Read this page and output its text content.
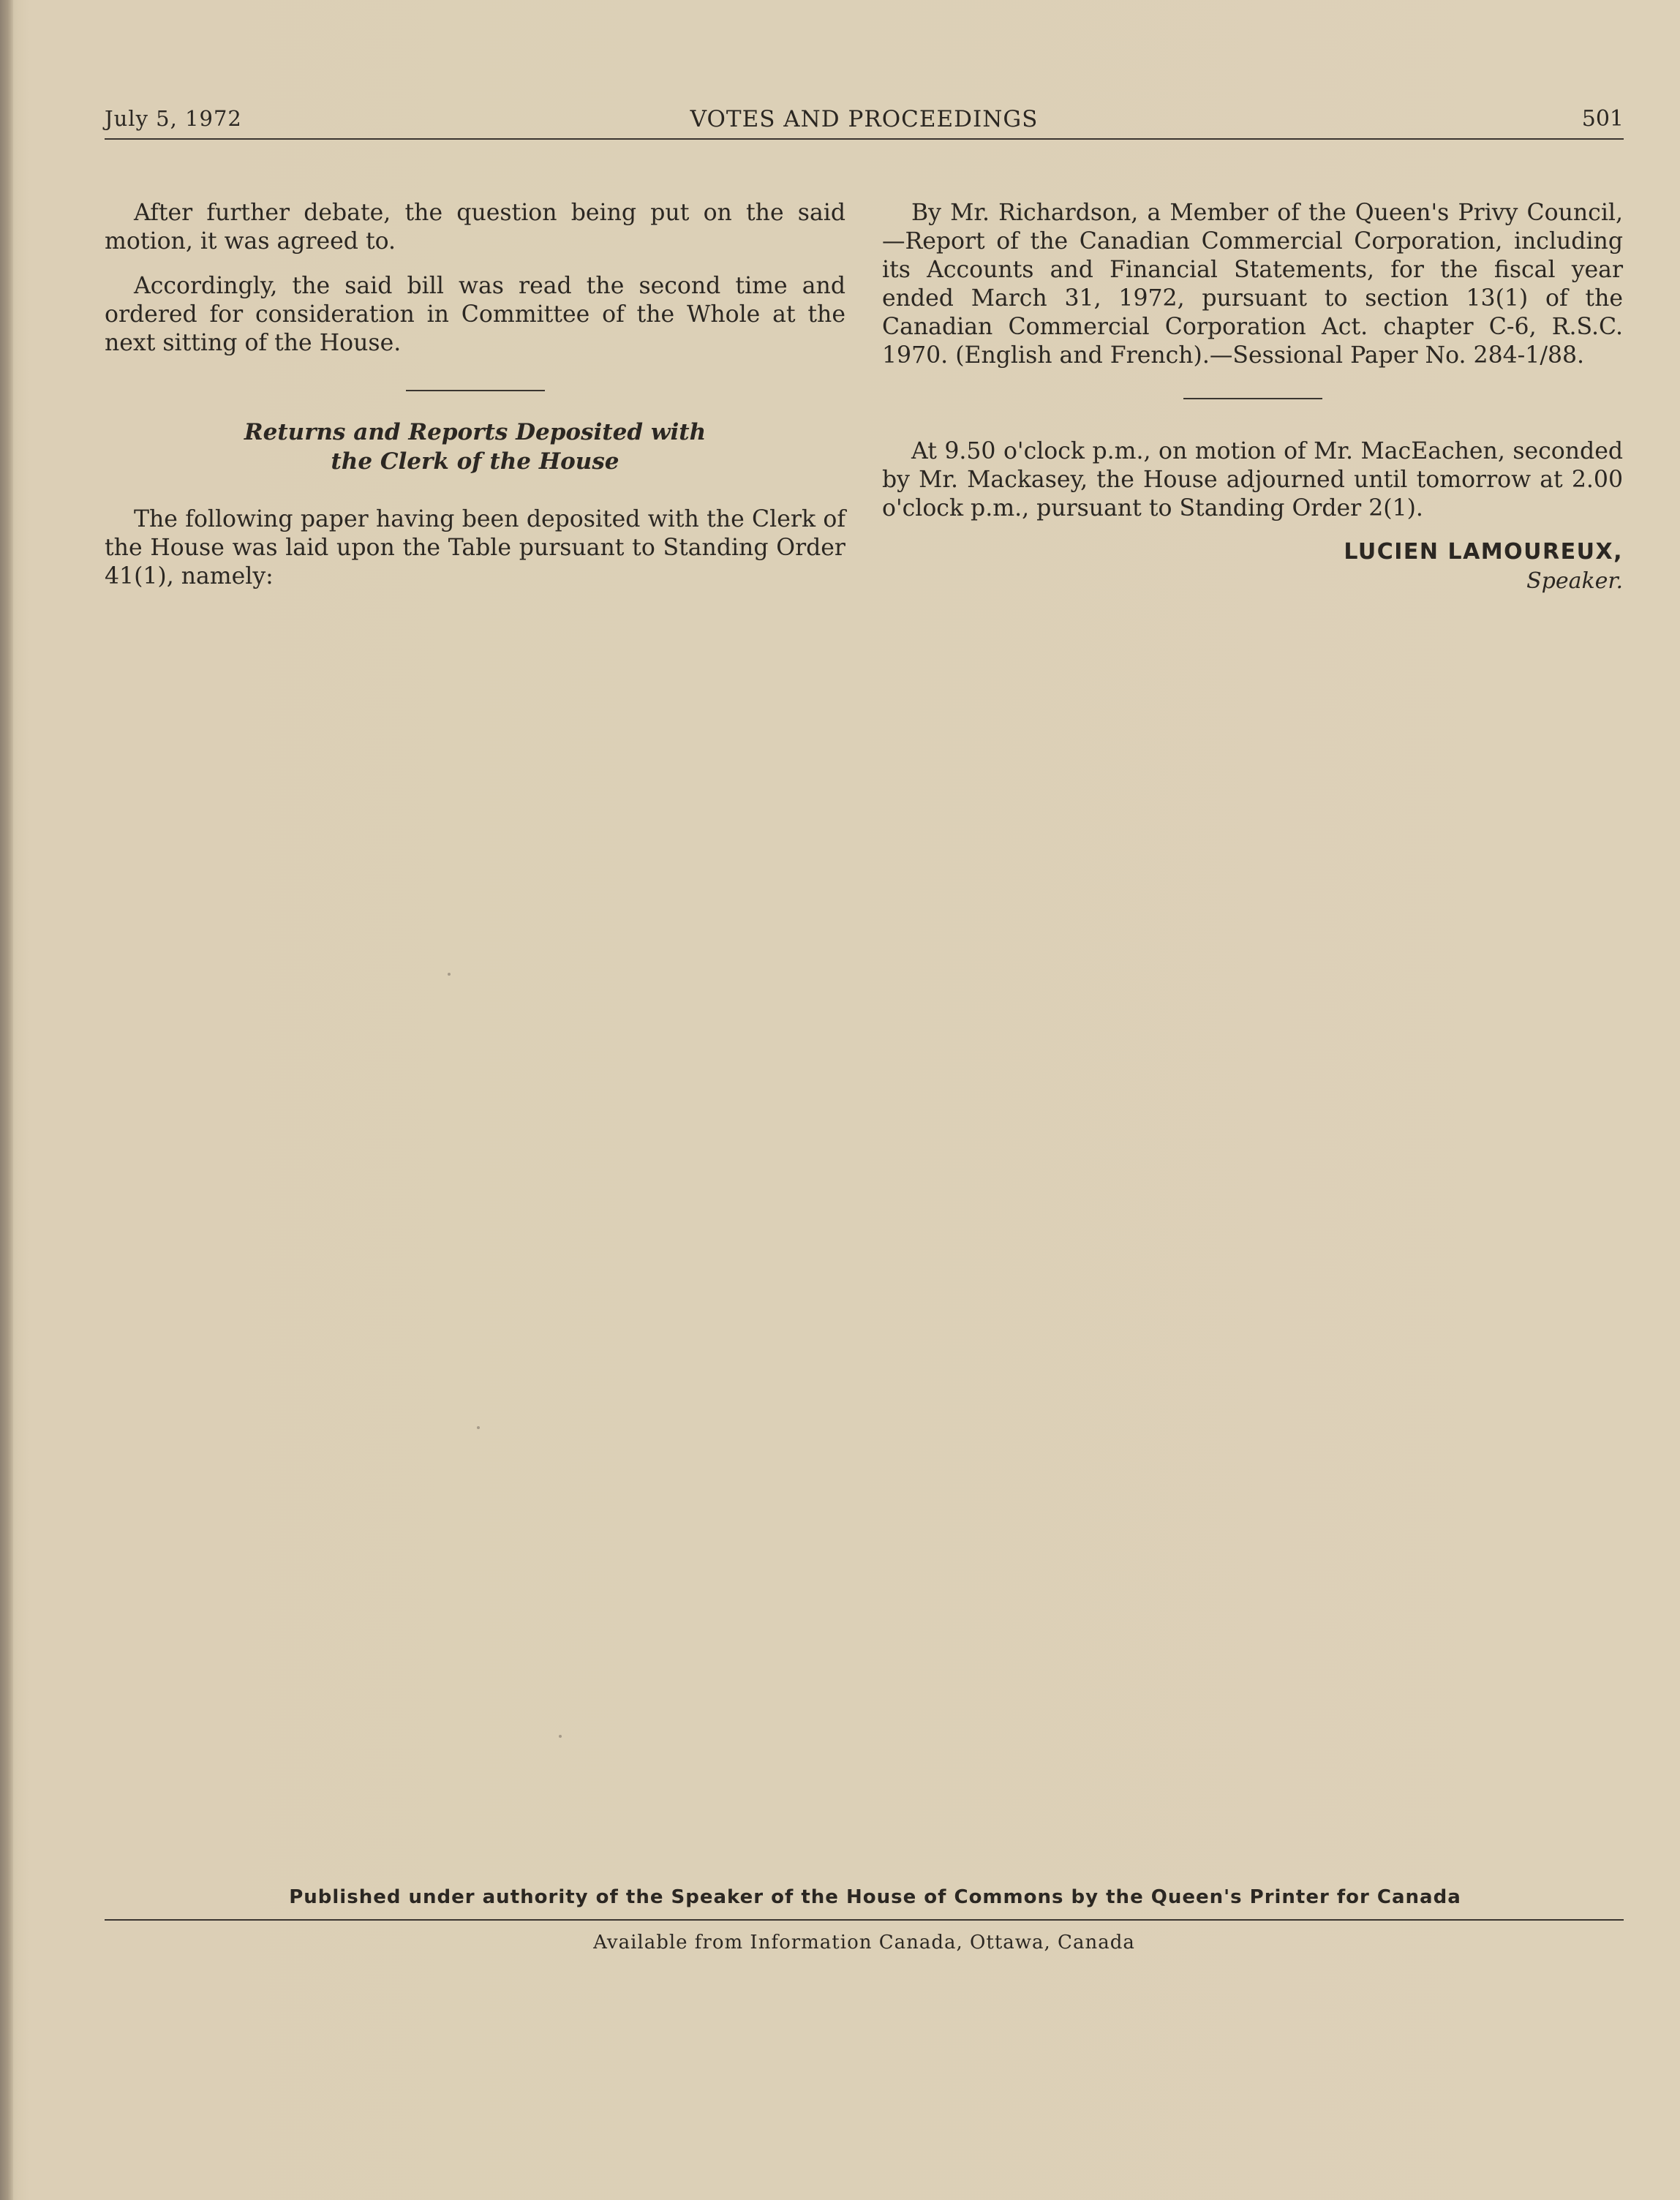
July 5, 1972	VOTES AND PROCEEDINGS	501

After further debate, the question being put on the said motion, it was agreed to.

Accordingly, the said bill was read the second time and ordered for consideration in Committee of the Whole at the next sitting of the House.

Returns and Reports Deposited with
the Clerk of the House

The following paper having been deposited with the Clerk of the House was laid upon the Table pursuant to Standing Order 41(1), namely:

By Mr. Richardson, a Member of the Queen's Privy Council,—Report of the Canadian Commercial Corporation, including its Accounts and Financial Statements, for the fiscal year ended March 31, 1972, pursuant to section 13(1) of the Canadian Commercial Corporation Act. chapter C-6, R.S.C. 1970. (English and French).—Sessional Paper No. 284-1/88.

At 9.50 o'clock p.m., on motion of Mr. MacEachen, seconded by Mr. Mackasey, the House adjourned until tomorrow at 2.00 o'clock p.m., pursuant to Standing Order 2(1).

LUCIEN LAMOUREUX,
Speaker.

Published under authority of the Speaker of the House of Commons by the Queen's Printer for Canada
Available from Information Canada, Ottawa, Canada
